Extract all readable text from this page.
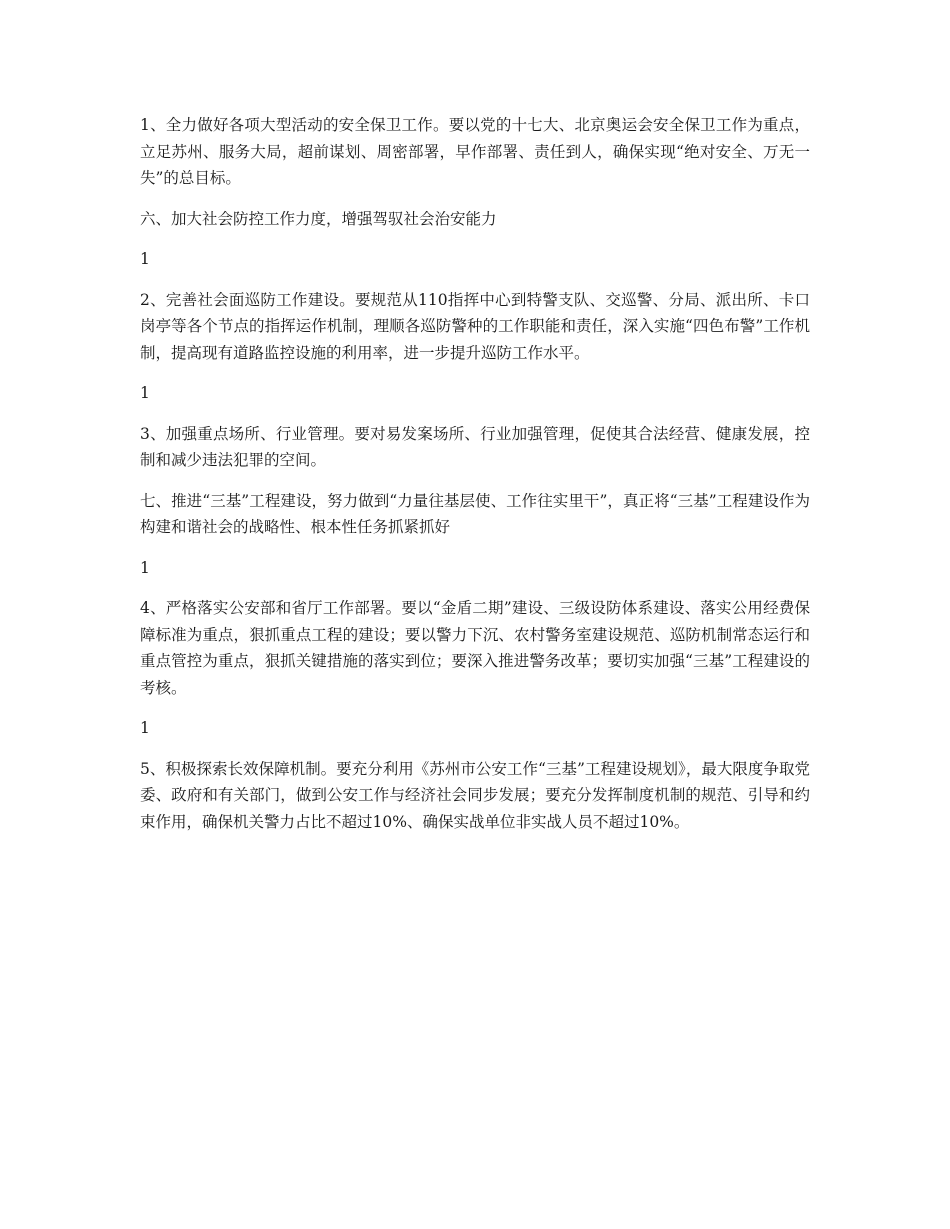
1、全力做好各项大型活动的安全保卫工作。要以党的十七大、北京奥运会安全保卫工作为重点，立足苏州、服务大局，超前谋划、周密部署，早作部署、责任到人，确保实现“绝对安全、万无一失”的总目标。

六、加大社会防控工作力度，增强驾驭社会治安能力

1

2、完善社会面巡防工作建设。要规范从110指挥中心到特警支队、交巡警、分局、派出所、卡口岗亭等各个节点的指挥运作机制，理顺各巡防警种的工作职能和责任，深入实施“四色布警”工作机制，提高现有道路监控设施的利用率，进一步提升巡防工作水平。

1

3、加强重点场所、行业管理。要对易发案场所、行业加强管理，促使其合法经营、健康发展，控制和减少违法犯罪的空间。

七、推进“三基”工程建设，努力做到“力量往基层使、工作往实里干”，真正将“三基”工程建设作为构建和谐社会的战略性、根本性任务抓紧抓好

1

4、严格落实公安部和省厅工作部署。要以“金盾二期”建设、三级设防体系建设、落实公用经费保障标准为重点，狠抓重点工程的建设；要以警力下沉、农村警务室建设规范、巡防机制常态运行和重点管控为重点，狠抓关键措施的落实到位；要深入推进警务改革；要切实加强“三基”工程建设的考核。

1

5、积极探索长效保障机制。要充分利用《苏州市公安工作“三基”工程建设规划》，最大限度争取党委、政府和有关部门，做到公安工作与经济社会同步发展；要充分发挥制度机制的规范、引导和约束作用，确保机关警力占比不超过10%、确保实战单位非实战人员不超过10%。
